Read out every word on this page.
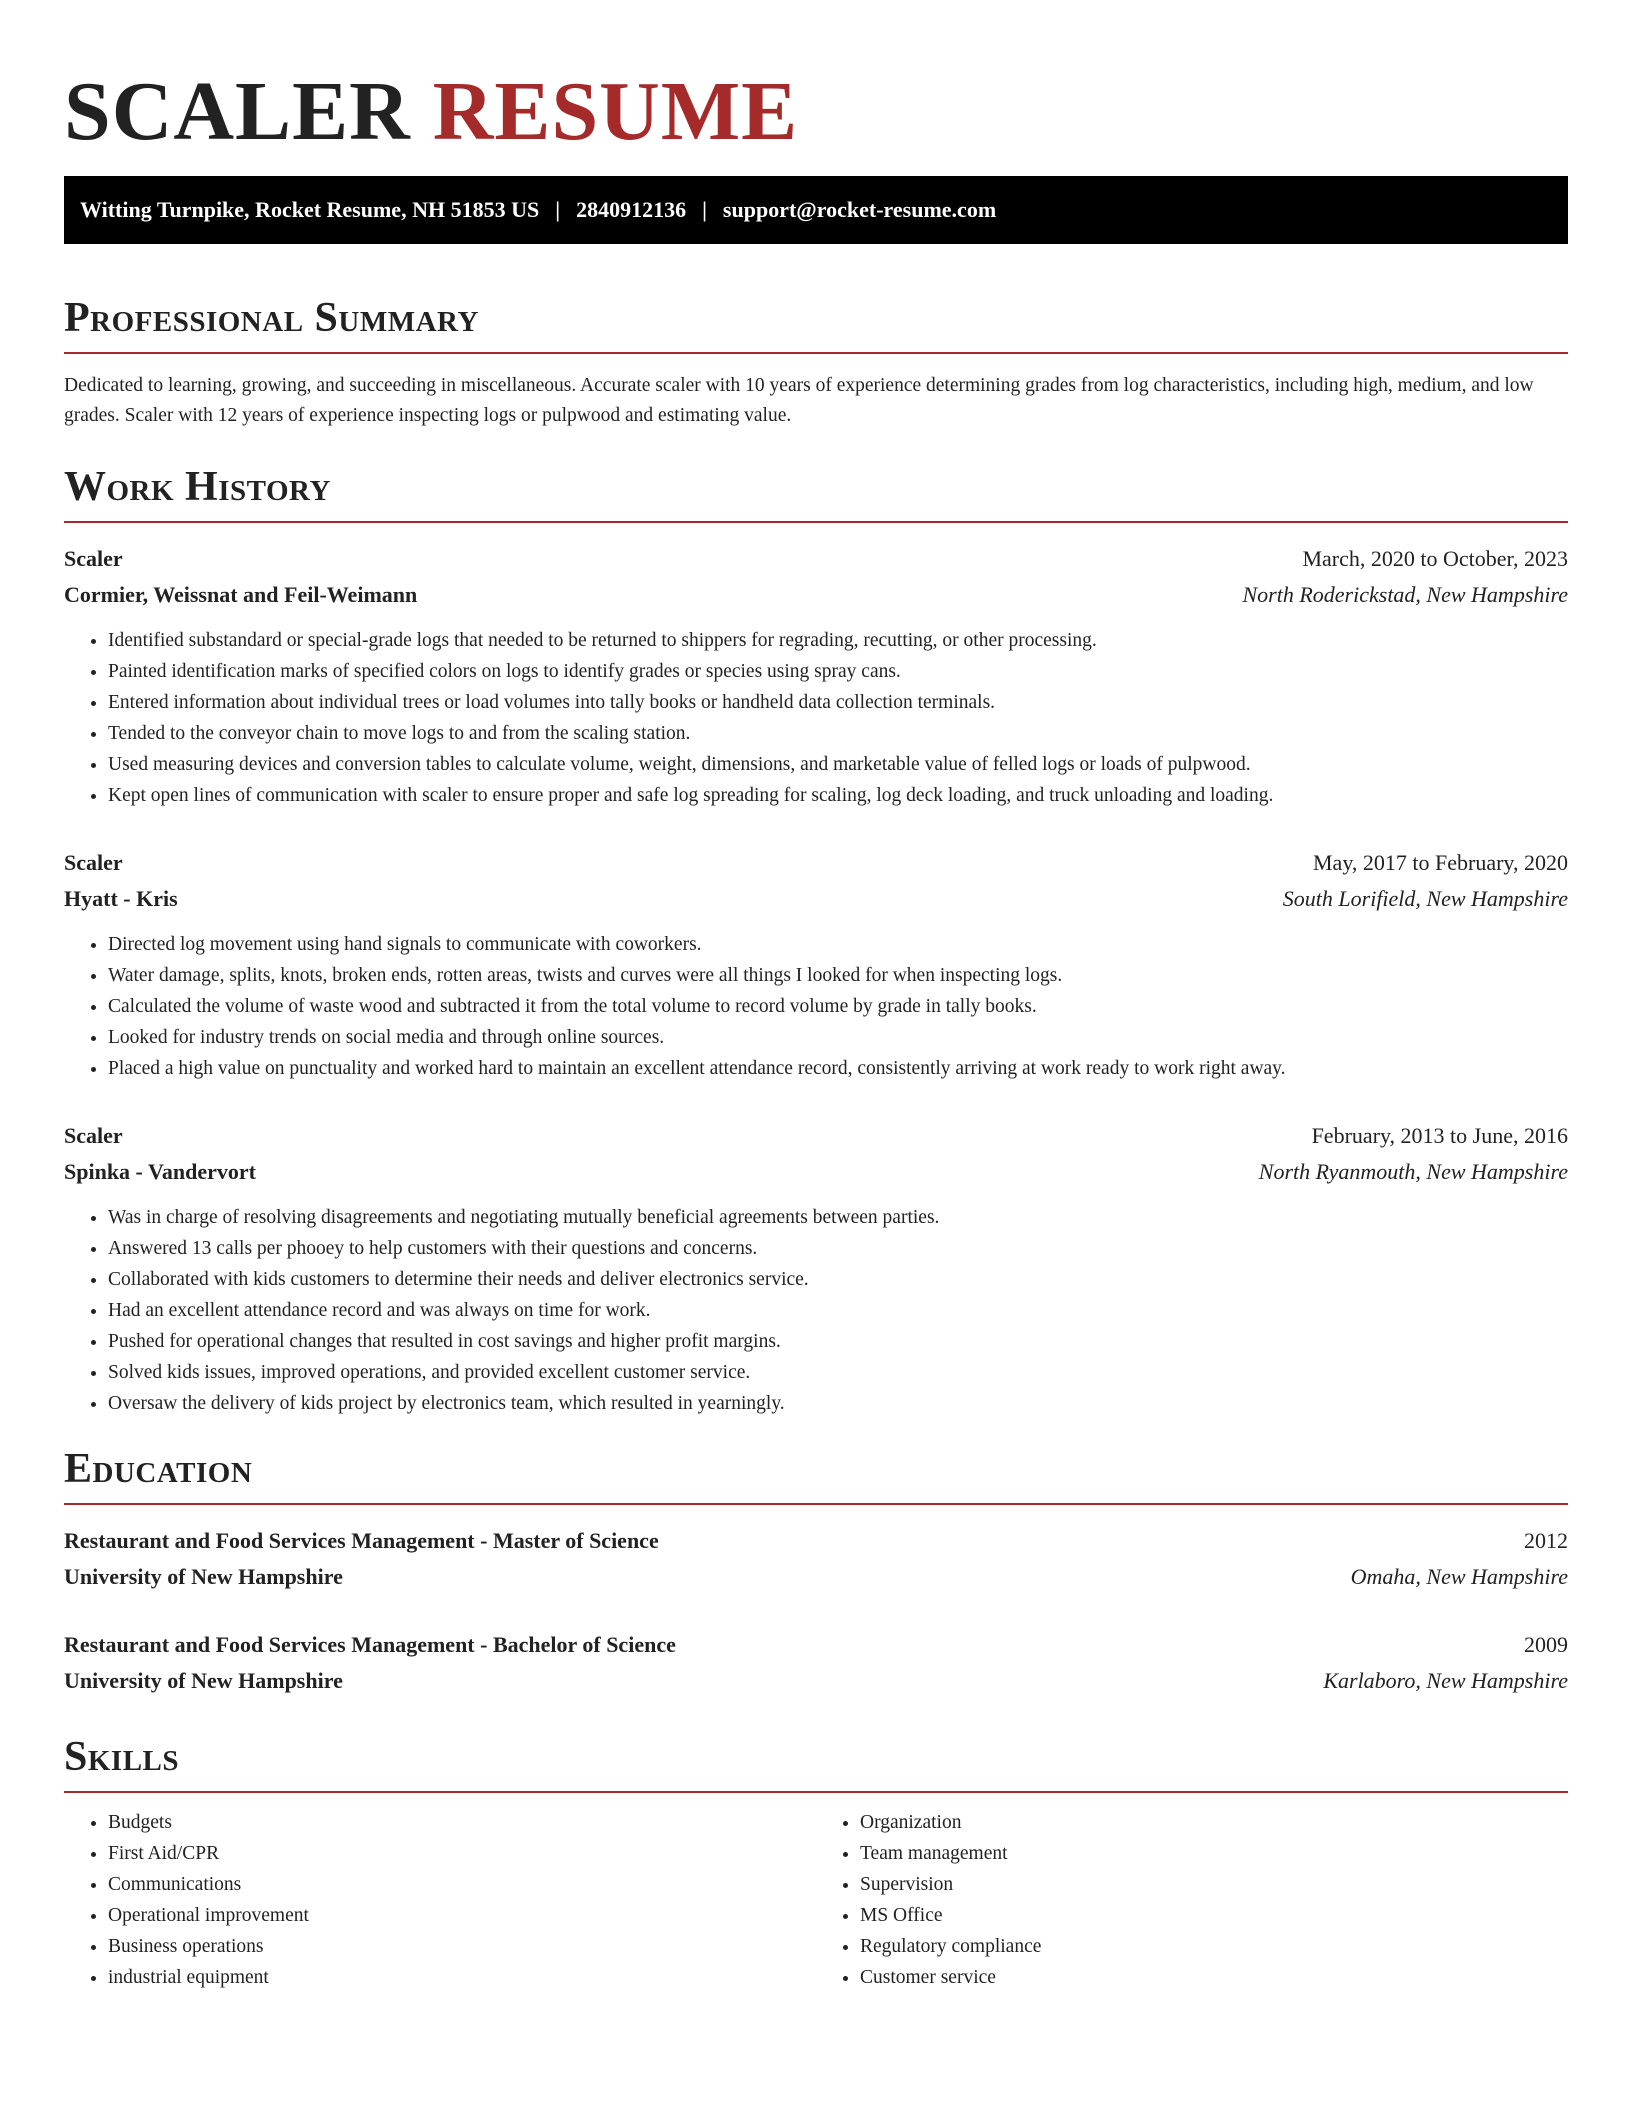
SCALER RESUME
Witting Turnpike, Rocket Resume, NH 51853 US | 2840912136 | support@rocket-resume.com
Professional Summary

Dedicated to learning, growing, and succeeding in miscellaneous. Accurate scaler with 10 years of experience determining grades from log characteristics, including high, medium, and low grades. Scaler with 12 years of experience inspecting logs or pulpwood and estimating value.

Work History
Scaler	March, 2020 to October, 2023
Cormier, Weissnat and Feil-Weimann	North Roderickstad, New Hampshire
• Identified substandard or special-grade logs that needed to be returned to shippers for regrading, recutting, or other processing.
• Painted identification marks of specified colors on logs to identify grades or species using spray cans.
• Entered information about individual trees or load volumes into tally books or handheld data collection terminals.
• Tended to the conveyor chain to move logs to and from the scaling station.
• Used measuring devices and conversion tables to calculate volume, weight, dimensions, and marketable value of felled logs or loads of pulpwood.
• Kept open lines of communication with scaler to ensure proper and safe log spreading for scaling, log deck loading, and truck unloading and loading.
Scaler	May, 2017 to February, 2020
Hyatt - Kris	South Lorifield, New Hampshire
• Directed log movement using hand signals to communicate with coworkers.
• Water damage, splits, knots, broken ends, rotten areas, twists and curves were all things I looked for when inspecting logs.
• Calculated the volume of waste wood and subtracted it from the total volume to record volume by grade in tally books.
• Looked for industry trends on social media and through online sources.
• Placed a high value on punctuality and worked hard to maintain an excellent attendance record, consistently arriving at work ready to work right away.
Scaler	February, 2013 to June, 2016
Spinka - Vandervort	North Ryanmouth, New Hampshire
• Was in charge of resolving disagreements and negotiating mutually beneficial agreements between parties.
• Answered 13 calls per phooey to help customers with their questions and concerns.
• Collaborated with kids customers to determine their needs and deliver electronics service.
• Had an excellent attendance record and was always on time for work.
• Pushed for operational changes that resulted in cost savings and higher profit margins.
• Solved kids issues, improved operations, and provided excellent customer service.
• Oversaw the delivery of kids project by electronics team, which resulted in yearningly.
Education
Restaurant and Food Services Management - Master of Science	2012
University of New Hampshire	Omaha, New Hampshire
Restaurant and Food Services Management - Bachelor of Science	2009
University of New Hampshire	Karlaboro, New Hampshire
Skills
• Budgets
• First Aid/CPR
• Communications
• Operational improvement
• Business operations
• industrial equipment
• Organization
• Team management
• Supervision
• MS Office
• Regulatory compliance
• Customer service
